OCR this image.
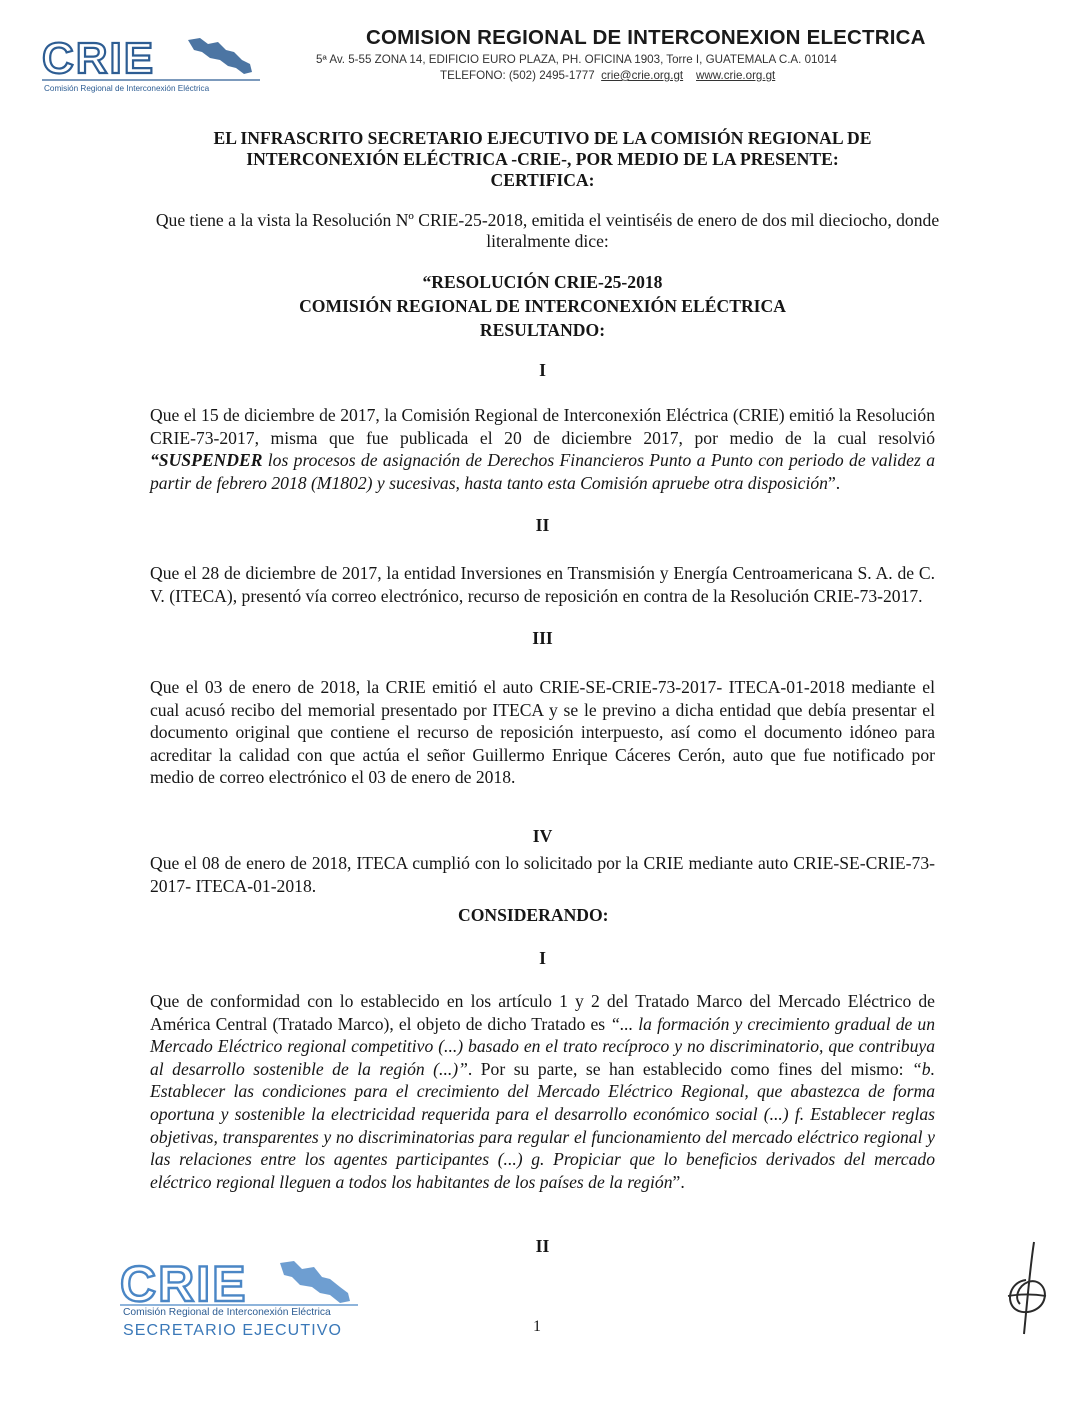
CRIE
Comisión Regional de Interconexión Eléctrica
COMISION REGIONAL DE INTERCONEXION ELECTRICA
5ª Av. 5-55 ZONA 14, EDIFICIO EURO PLAZA, PH. OFICINA 1903, Torre I, GUATEMALA C.A. 01014
TELEFONO: (502) 2495-1777 crie@crie.org.gt www.crie.org.gt
EL INFRASCRITO SECRETARIO EJECUTIVO DE LA COMISIÓN REGIONAL DE
INTERCONEXIÓN ELÉCTRICA -CRIE-, POR MEDIO DE LA PRESENTE:
CERTIFICA:
Que tiene a la vista la Resolución Nº CRIE-25-2018, emitida el veintiséis de enero de dos mil dieciocho, donde
literalmente dice:
“RESOLUCIÓN CRIE-25-2018
COMISIÓN REGIONAL DE INTERCONEXIÓN ELÉCTRICA
RESULTANDO:
I
Que el 15 de diciembre de 2017, la Comisión Regional de Interconexión Eléctrica (CRIE) emitió la Resolución CRIE-73-2017, misma que fue publicada el 20 de diciembre 2017, por medio de la cual resolvió “SUSPENDER los procesos de asignación de Derechos Financieros Punto a Punto con periodo de validez a partir de febrero 2018 (M1802) y sucesivas, hasta tanto esta Comisión apruebe otra disposición”.
II
Que el 28 de diciembre de 2017, la entidad Inversiones en Transmisión y Energía Centroamericana S. A. de C. V. (ITECA), presentó vía correo electrónico, recurso de reposición en contra de la Resolución CRIE-73-2017.
III
Que el 03 de enero de 2018, la CRIE emitió el auto CRIE-SE-CRIE-73-2017- ITECA-01-2018 mediante el cual acusó recibo del memorial presentado por ITECA y se le previno a dicha entidad que debía presentar el documento original que contiene el recurso de reposición interpuesto, así como el documento idóneo para acreditar la calidad con que actúa el señor Guillermo Enrique Cáceres Cerón, auto que fue notificado por medio de correo electrónico el 03 de enero de 2018.
IV
Que el 08 de enero de 2018, ITECA cumplió con lo solicitado por la CRIE mediante auto CRIE-SE-CRIE-73-2017- ITECA-01-2018.
CONSIDERANDO:
I
Que de conformidad con lo establecido en los artículo 1 y 2 del Tratado Marco del Mercado Eléctrico de América Central (Tratado Marco), el objeto de dicho Tratado es “... la formación y crecimiento gradual de un Mercado Eléctrico regional competitivo (...) basado en el trato recíproco y no discriminatorio, que contribuya al desarrollo sostenible de la región (...)”. Por su parte, se han establecido como fines del mismo: “b. Establecer las condiciones para el crecimiento del Mercado Eléctrico Regional, que abastezca de forma oportuna y sostenible la electricidad requerida para el desarrollo económico social (...) f. Establecer reglas objetivas, transparentes y no discriminatorias para regular el funcionamiento del mercado eléctrico regional y las relaciones entre los agentes participantes (...) g. Propiciar que lo beneficios derivados del mercado eléctrico regional lleguen a todos los habitantes de los países de la región”.
II
CRIE
Comisión Regional de Interconexión Eléctrica
SECRETARIO EJECUTIVO	1
